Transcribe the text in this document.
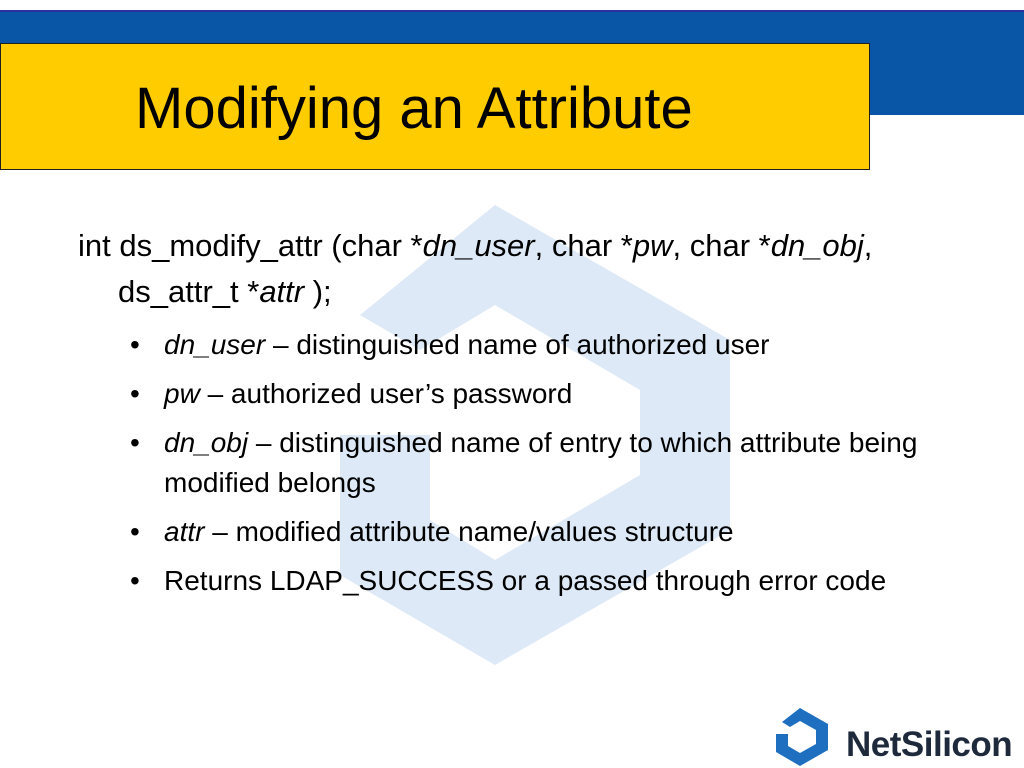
Modifying an Attribute
int ds_modify_attr (char *dn_user, char *pw, char *dn_obj, ds_attr_t *attr );
• dn_user – distinguished name of authorized user
• pw – authorized user’s password
• dn_obj – distinguished name of entry to which attribute being modified belongs
• attr – modified attribute name/values structure
• Returns LDAP_SUCCESS or a passed through error code
NetSilicon
